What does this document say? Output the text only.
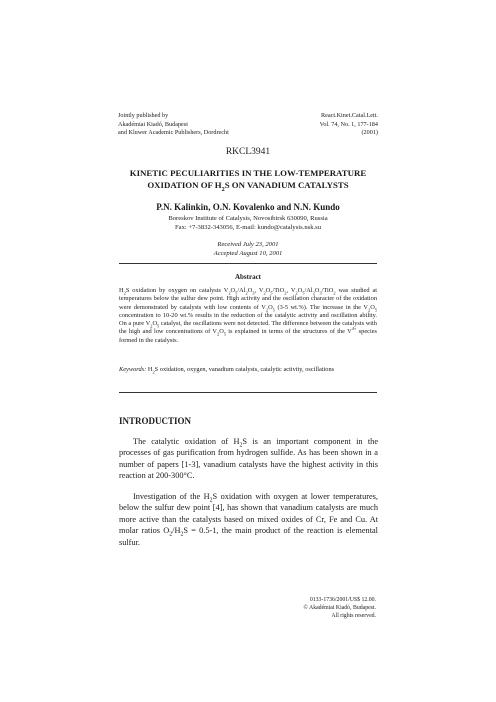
Jointly published by
Akadémiai Kiadó, Budapest
and Kluwer Academic Publishers, Dordrecht
React.Kinet.Catal.Lett.
Vol. 74, No. 1, 177-184
(2001)
RKCL3941
KINETIC PECULIARITIES IN THE LOW-TEMPERATURE
OXIDATION OF $H_2S$ ON VANADIUM CATALYSTS
P.N. Kalinkin, O.N. Kovalenko and N.N. Kundo
Boreskov Institute of Catalysis, Novosibirsk 630090, Russia
Fax: +7-3832-343056, E-mail: kundo@catalysis.nsk.su
Received July 23, 2001
Accepted August 10, 2001
Abstract
$H_2S$ oxidation by oxygen on catalysts $V_2O_5/Al_2O_3$, $V_2O_5/TiO_2$, $V_2O_5/Al_2O_3/TiO_2$ was studied at temperatures below the sulfur dew point. High activity and the oscillation character of the oxidation were demonstrated by catalysts with low contents of $V_2O_5$ (3-5 wt.%). The increase in the $V_2O_5$ concentration to 10-20 wt.% results in the reduction of the catalytic activity and oscillation ability. On a pure $V_2O_5$ catalyst, the oscillations were not detected. The difference between the catalysts with the high and low concentrations of $V_2O_5$ is explained in terms of the structures of the $V^{4+}$ species formed in the catalysts.
Keywords: $H_2S$ oxidation, oxygen, vanadium catalysts, catalytic activity, oscillations
INTRODUCTION
The catalytic oxidation of $H_2S$ is an important component in the processes of gas purification from hydrogen sulfide. As has been shown in a number of papers [1-3], vanadium catalysts have the highest activity in this reaction at 200-300°C.
Investigation of the $H_2S$ oxidation with oxygen at lower temperatures, below the sulfur dew point [4], has shown that vanadium catalysts are much more active than the catalysts based on mixed oxides of Cr, Fe and Cu. At molar ratios $O_2/H_2S = 0.5-1$, the main product of the reaction is elemental sulfur.
0133-1736/2001/US$ 12.00.
© Akadémiai Kiadó, Budapest.
All rights reserved.
